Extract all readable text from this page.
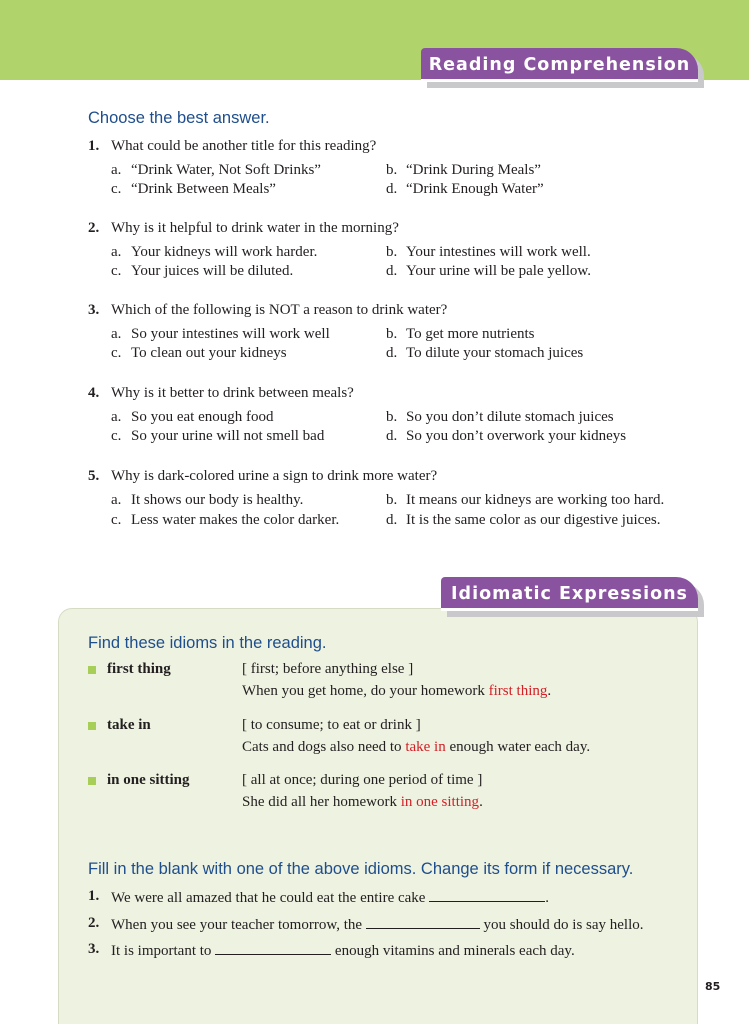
Reading Comprehension
Choose the best answer.
1. What could be another title for this reading?
a. “Drink Water, Not Soft Drinks”	b. “Drink During Meals”
c. “Drink Between Meals”	d. “Drink Enough Water”
2. Why is it helpful to drink water in the morning?
a. Your kidneys will work harder.	b. Your intestines will work well.
c. Your juices will be diluted.	d. Your urine will be pale yellow.
3. Which of the following is NOT a reason to drink water?
a. So your intestines will work well	b. To get more nutrients
c. To clean out your kidneys	d. To dilute your stomach juices
4. Why is it better to drink between meals?
a. So you eat enough food	b. So you don’t dilute stomach juices
c. So your urine will not smell bad	d. So you don’t overwork your kidneys
5. Why is dark-colored urine a sign to drink more water?
a. It shows our body is healthy.	b. It means our kidneys are working too hard.
c. Less water makes the color darker.	d. It is the same color as our digestive juices.
Idiomatic Expressions
Find these idioms in the reading.
first thing	[ first; before anything else ]
When you get home, do your homework first thing.
take in	[ to consume; to eat or drink ]
Cats and dogs also need to take in enough water each day.
in one sitting	[ all at once; during one period of time ]
She did all her homework in one sitting.
Fill in the blank with one of the above idioms. Change its form if necessary.
1. We were all amazed that he could eat the entire cake	.
2. When you see your teacher tomorrow, the	you should do is say hello.
3. It is important to	enough vitamins and minerals each day.
85
